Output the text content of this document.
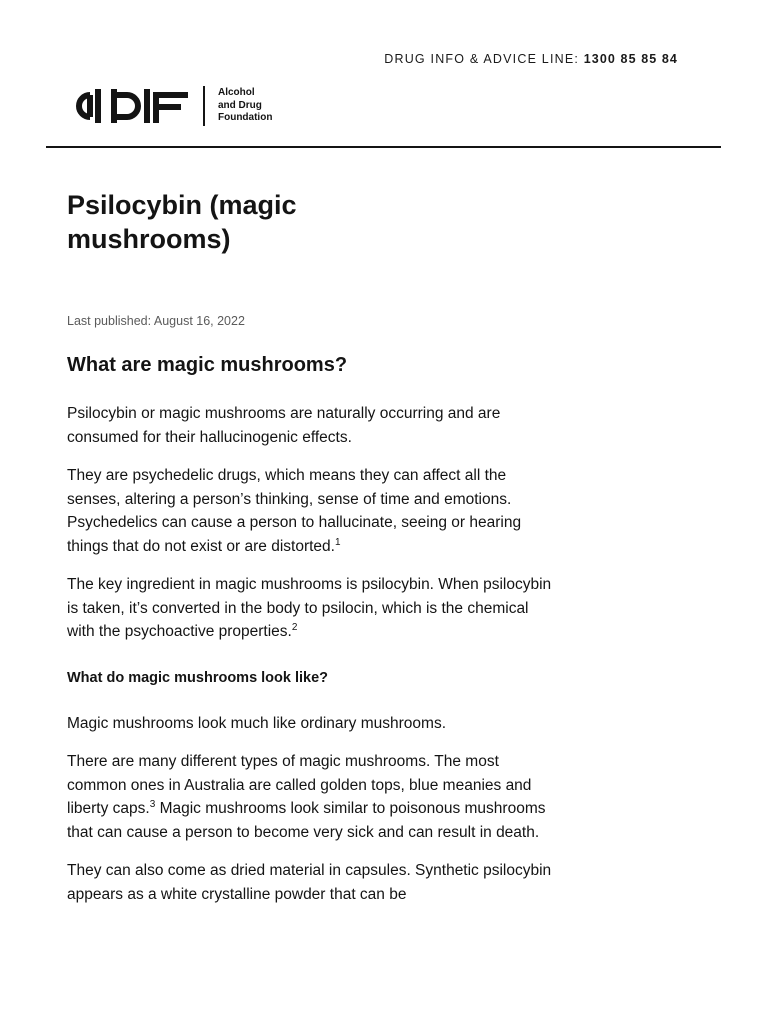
DRUG INFO & ADVICE LINE: 1300 85 85 84
Alcohol
and Drug
Foundation
Psilocybin (magic mushrooms)
Last published: August 16, 2022
What are magic mushrooms?

Psilocybin or magic mushrooms are naturally occurring and are consumed for their hallucinogenic effects.

They are psychedelic drugs, which means they can affect all the senses, altering a person’s thinking, sense of time and emotions. Psychedelics can cause a person to hallucinate, seeing or hearing things that do not exist or are distorted.$^1$

The key ingredient in magic mushrooms is psilocybin. When psilocybin is taken, it’s converted in the body to psilocin, which is the chemical with the psychoactive properties.$^2$

What do magic mushrooms look like?

Magic mushrooms look much like ordinary mushrooms.

There are many different types of magic mushrooms. The most common ones in Australia are called golden tops, blue meanies and liberty caps.$^3$ Magic mushrooms look similar to poisonous mushrooms that can cause a person to become very sick and can result in death.

They can also come as dried material in capsules. Synthetic psilocybin appears as a white crystalline powder that can be
